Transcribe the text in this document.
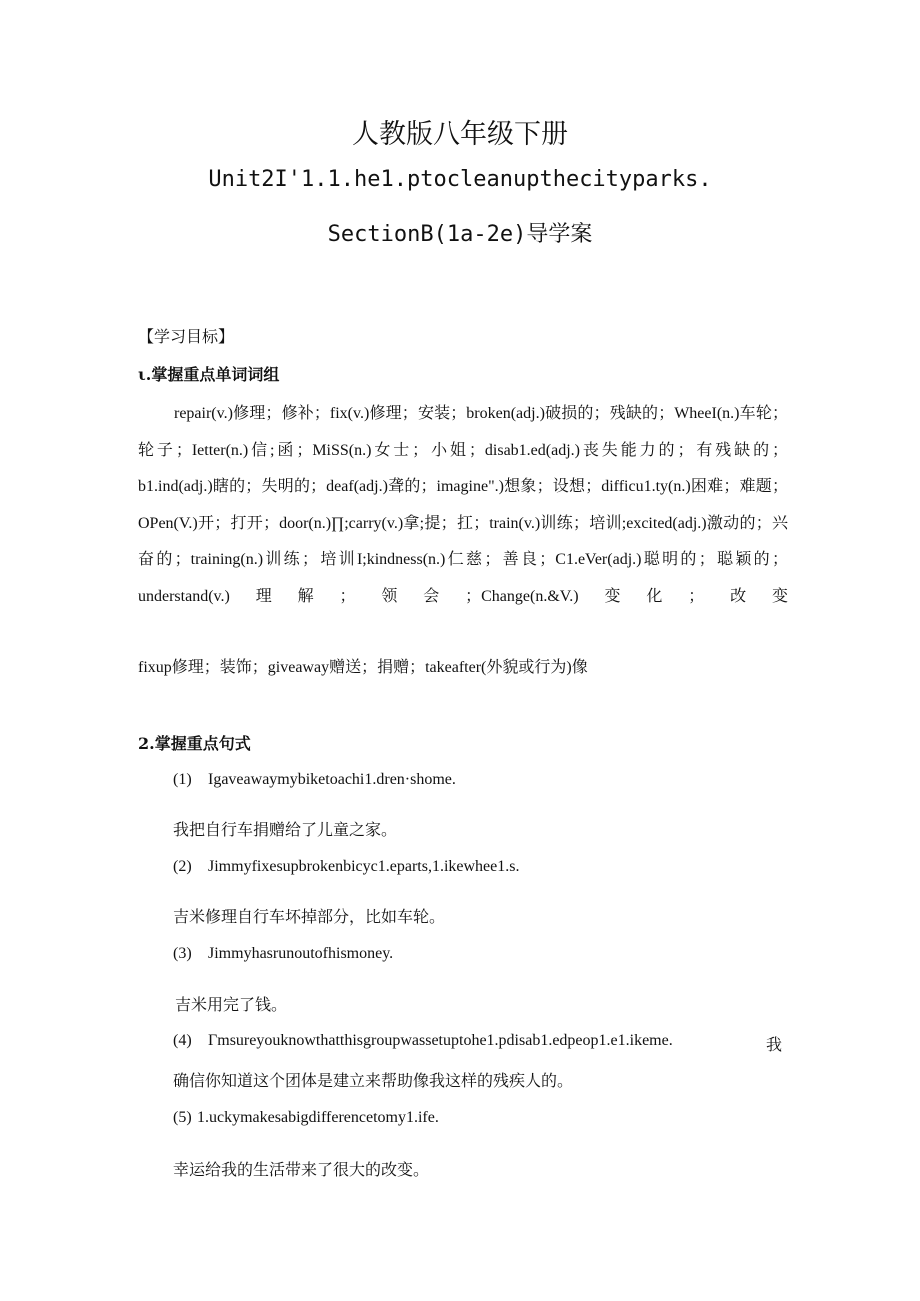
人教版八年级下册
Unit2I'1.1.he1.ptocleanupthecityparks.
SectionB(1a-2e)导学案
【学习目标】
ι.掌握重点单词词组

repair(v.)修理；修补；fix(v.)修理；安装；broken(adj.)破损的；残缺的；WheeI(n.)车轮；轮子；Ietter(n.)信;函；MiSS(n.)女士；小姐；disab1.ed(adj.)丧失能力的；有残缺的；b1.ind(adj.)瞎的；失明的；deaf(adj.)聋的；imagine".)想象；设想；difficu1.ty(n.)困难；难题；OPen(V.)开；打开；door(n.)∏;carry(v.)拿;提；扛；train(v.)训练；培训;excited(adj.)激动的；兴奋的；training(n.)训练；培训I;kindness(n.)仁慈；善良；C1.eVer(adj.)聪明的；聪颖的；understand(v.)理解；领会；Change(n.&V.)变化；改变

fixup修理；装饰；giveaway赠送；捐赠；takeafter(外貌或行为)像
2.掌握重点句式
(1) Igaveawaymybiketoachi1.dren·shome.
我把自行车捐赠给了儿童之家。
(2) Jimmyfixesupbrokenbicyc1.eparts,1.ikewhee1.s.
吉米修理自行车坏掉部分，比如车轮。
(3) Jimmyhasrunoutofhismoney.
吉米用完了钱。
(4) Γmsureyouknowthatthisgroupwassetuptohe1.pdisab1.edpeop1.e1.ikeme.	我
确信你知道这个团体是建立来帮助像我这样的残疾人的。
(5) 1.uckymakesabigdifferencetomy1.ife.
幸运给我的生活带来了很大的改变。
